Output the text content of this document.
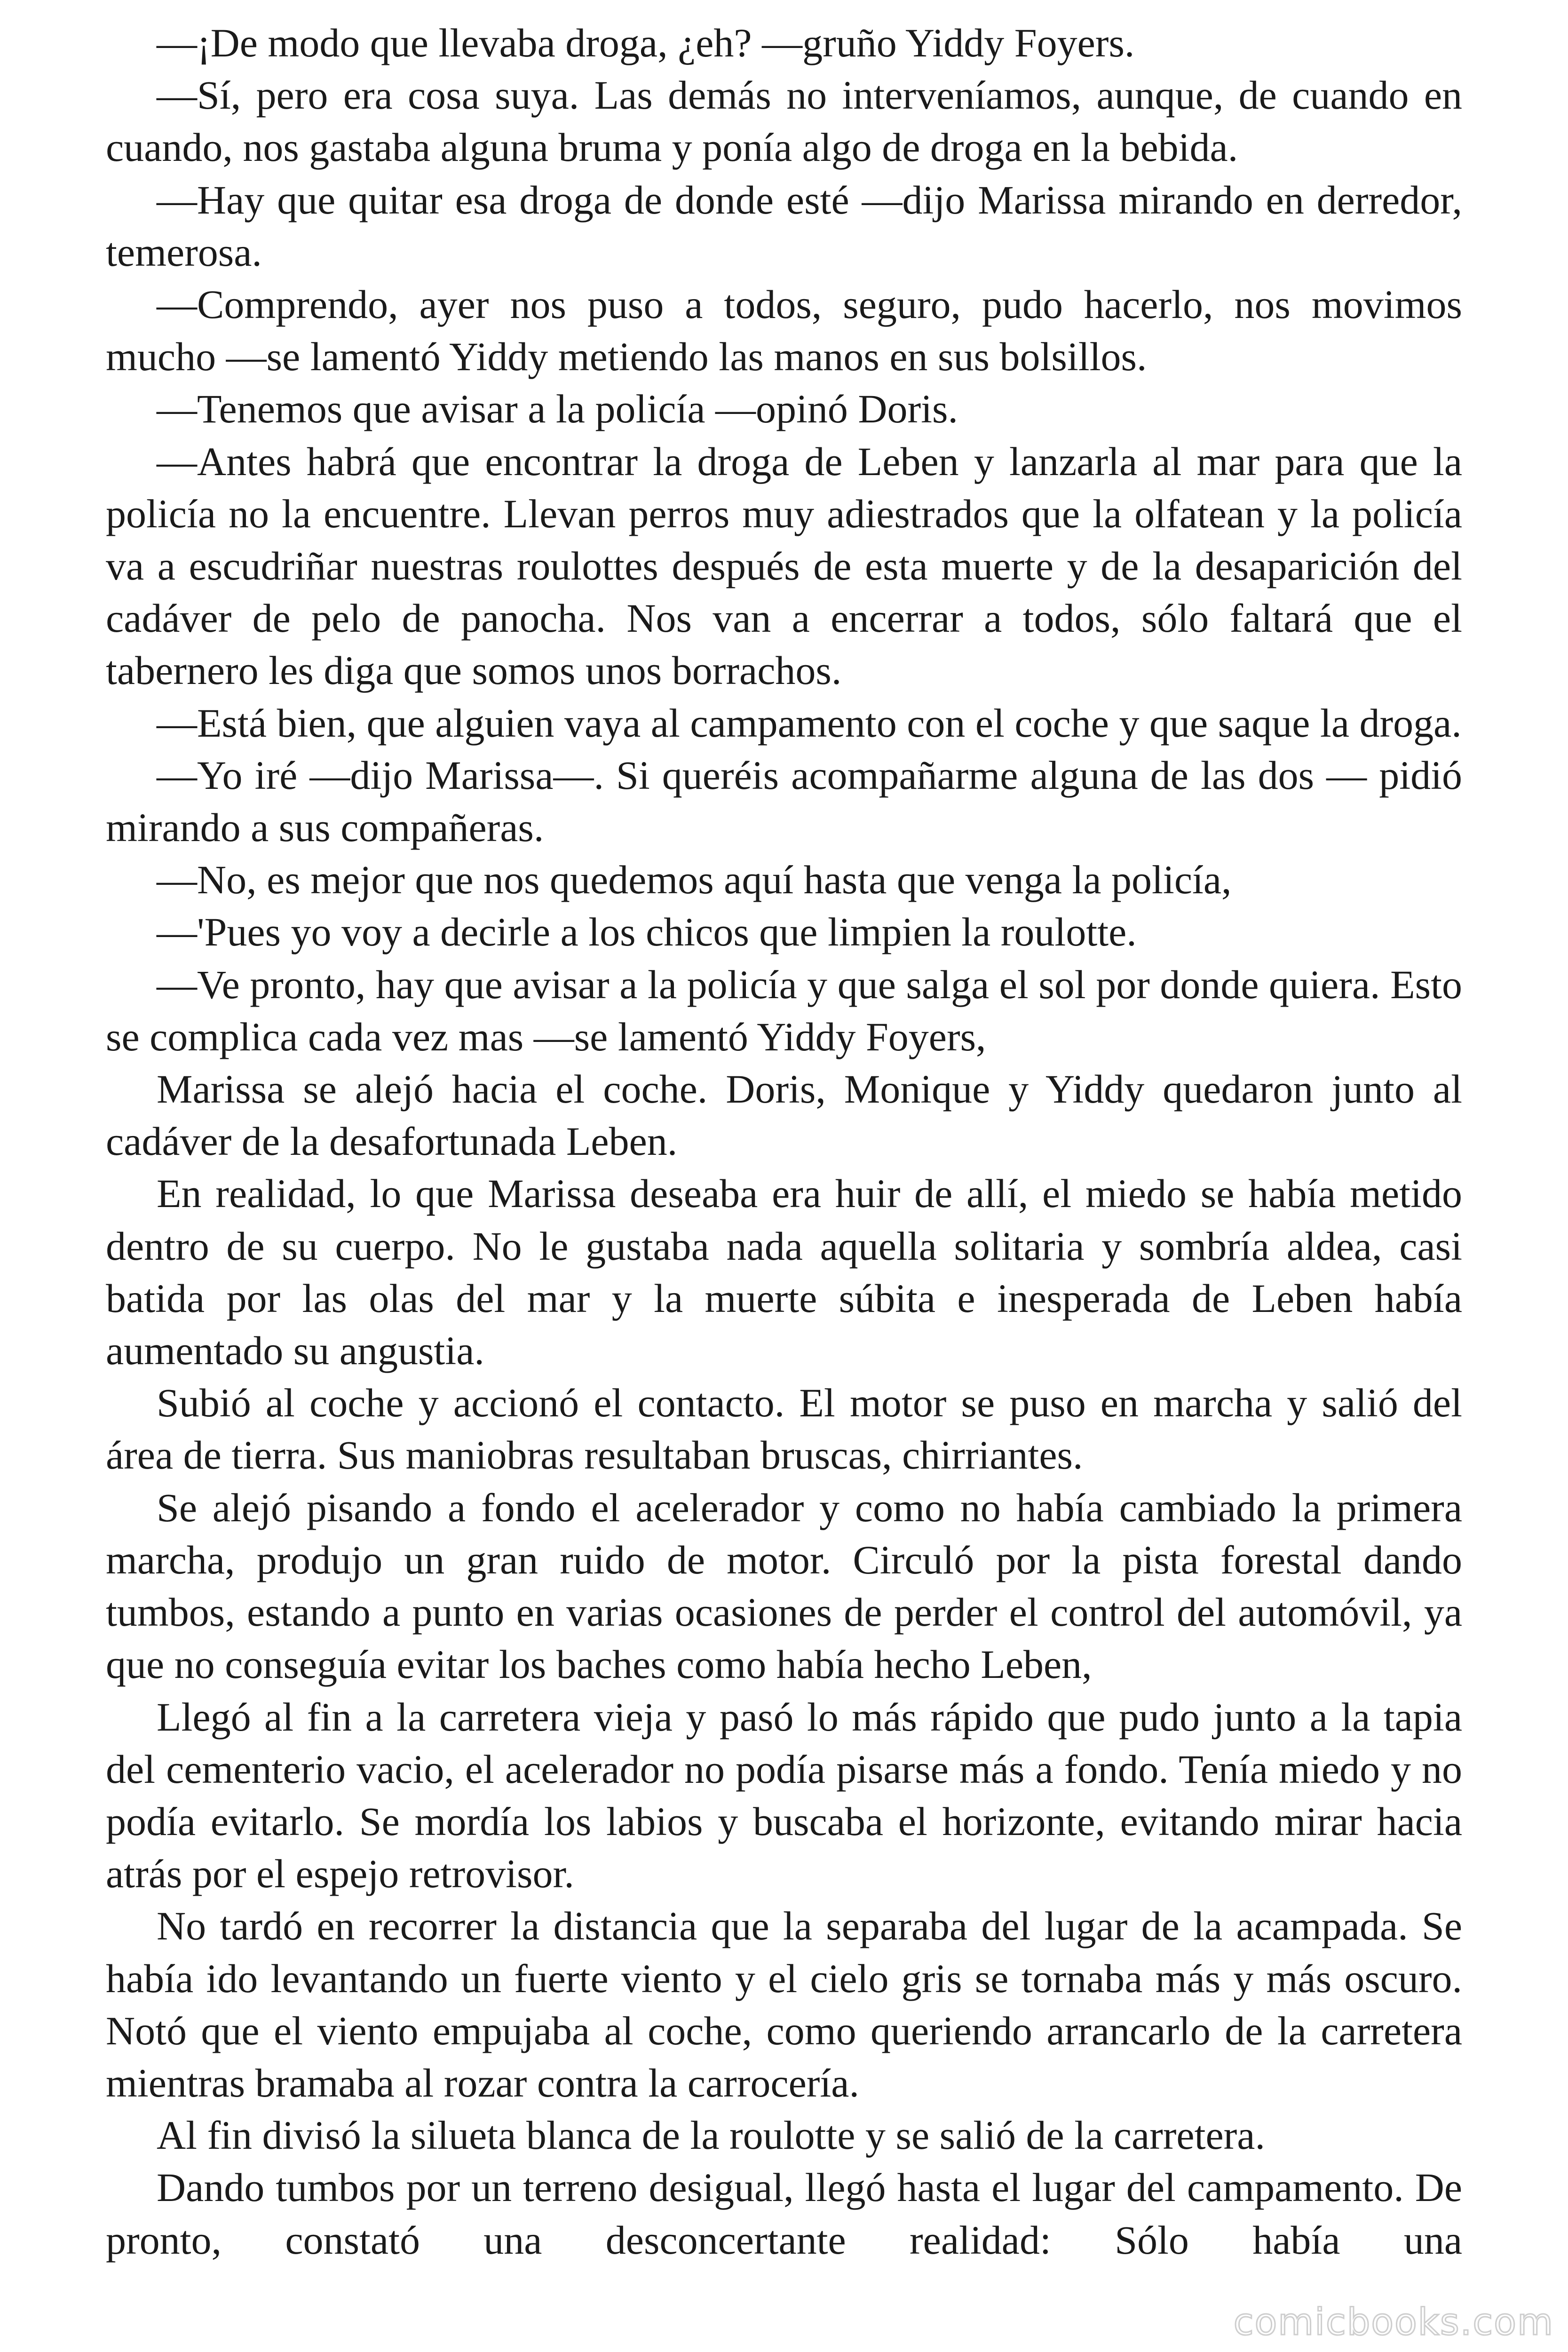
—¡De modo que llevaba droga, ¿eh? —gruño Yiddy Foyers.

—Sí, pero era cosa suya. Las demás no interveníamos, aunque, de cuando en cuando, nos gastaba alguna bruma y ponía algo de droga en la bebida.

—Hay que quitar esa droga de donde esté —dijo Marissa mirando en derredor, temerosa.

—Comprendo, ayer nos puso a todos, seguro, pudo hacerlo, nos movimos mucho —se lamentó Yiddy metiendo las manos en sus bolsillos.

—Tenemos que avisar a la policía —opinó Doris.

—Antes habrá que encontrar la droga de Leben y lanzarla al mar para que la policía no la encuentre. Llevan perros muy adiestrados que la olfatean y la policía va a escudriñar nuestras roulottes después de esta muerte y de la desaparición del cadáver de pelo de panocha. Nos van a encerrar a todos, sólo faltará que el tabernero les diga que somos unos borrachos.

—Está bien, que alguien vaya al campamento con el coche y que saque la droga.

—Yo iré —dijo Marissa—. Si queréis acompañarme alguna de las dos — pidió mirando a sus compañeras.

—No, es mejor que nos quedemos aquí hasta que venga la policía,

—'Pues yo voy a decirle a los chicos que limpien la roulotte.

—Ve pronto, hay que avisar a la policía y que salga el sol por donde quiera. Esto se complica cada vez mas —se lamentó Yiddy Foyers,

Marissa se alejó hacia el coche. Doris, Monique y Yiddy quedaron junto al cadáver de la desafortunada Leben.

En realidad, lo que Marissa deseaba era huir de allí, el miedo se había metido dentro de su cuerpo. No le gustaba nada aquella solitaria y sombría aldea, casi batida por las olas del mar y la muerte súbita e inesperada de Leben había aumentado su angustia.

Subió al coche y accionó el contacto. El motor se puso en marcha y salió del área de tierra. Sus maniobras resultaban bruscas, chirriantes.

Se alejó pisando a fondo el acelerador y como no había cambiado la primera marcha, produjo un gran ruido de motor. Circuló por la pista forestal dando tumbos, estando a punto en varias ocasiones de perder el control del automóvil, ya que no conseguía evitar los baches como había hecho Leben,

Llegó al fin a la carretera vieja y pasó lo más rápido que pudo junto a la tapia del cementerio vacio, el acelerador no podía pisarse más a fondo. Tenía miedo y no podía evitarlo. Se mordía los labios y buscaba el horizonte, evitando mirar hacia atrás por el espejo retrovisor.

No tardó en recorrer la distancia que la separaba del lugar de la acampada. Se había ido levantando un fuerte viento y el cielo gris se tornaba más y más oscuro. Notó que el viento empujaba al coche, como queriendo arrancarlo de la carretera mientras bramaba al rozar contra la carrocería.

Al fin divisó la silueta blanca de la roulotte y se salió de la carretera.

Dando tumbos por un terreno desigual, llegó hasta el lugar del campamento. De pronto, constató una desconcertante realidad: Sólo había una

comicbooks.com
